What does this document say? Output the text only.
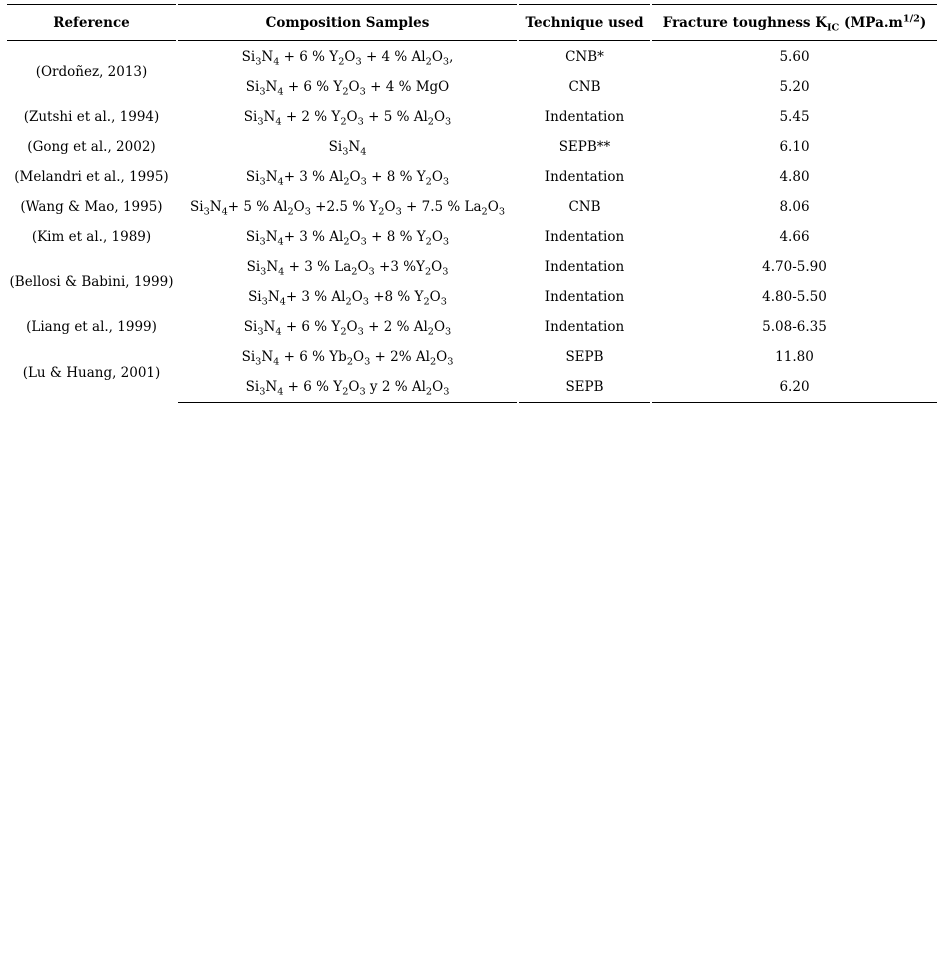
Reference	Composition Samples	Technique used	Fracture toughness $K_{IC}$ $(MPa.m^{1/2})$
(Ordoñez, 2013)	$Si_3N_4 + 6$ % $Y_2O_3 + 4$ % $Al_2O_3$,	CNB*	5.60
	$Si_3N_4 + 6$ % $Y_2O_3 + 4$ % MgO	CNB	5.20
(Zutshi et al., 1994)	$Si_3N_4 + 2$ % $Y_2O_3 + 5$ % $Al_2O_3$	Indentation	5.45
(Gong et al., 2002)	$Si_3N_4$	SEPB**	6.10
(Melandri et al., 1995)	$Si_3N_4+ 3$ % $Al_2O_3 + 8$ % $Y_2O_3$	Indentation	4.80
(Wang & Mao, 1995)	$Si_3N_4+ 5$ % $Al_2O_3 +2.5$ % $Y_2O_3 + 7.5$ % $La_2O_3$	CNB	8.06
(Kim et al., 1989)	$Si_3N_4+ 3$ % $Al_2O_3 + 8$ % $Y_2O_3$	Indentation	4.66
(Bellosi & Babini, 1999)	$Si_3N_4 + 3$ % $La_2O_3 +3$ $\%Y_2O_3$	Indentation	4.70-5.90
	$Si_3N_4+ 3$ % $Al_2O_3 +8$ % $Y_2O_3$	Indentation	4.80-5.50
(Liang et al., 1999)	$Si_3N_4 + 6$ % $Y_2O_3 + 2$ % $Al_2O_3$	Indentation	5.08-6.35
(Lu & Huang, 2001)	$Si_3N_4 + 6$ % $Yb_2O_3 + 2\%$ $Al_2O_3$	SEPB	11.80
	$Si_3N_4 + 6$ % $Y_2O_3$ y 2 % $Al_2O_3$	SEPB	6.20
